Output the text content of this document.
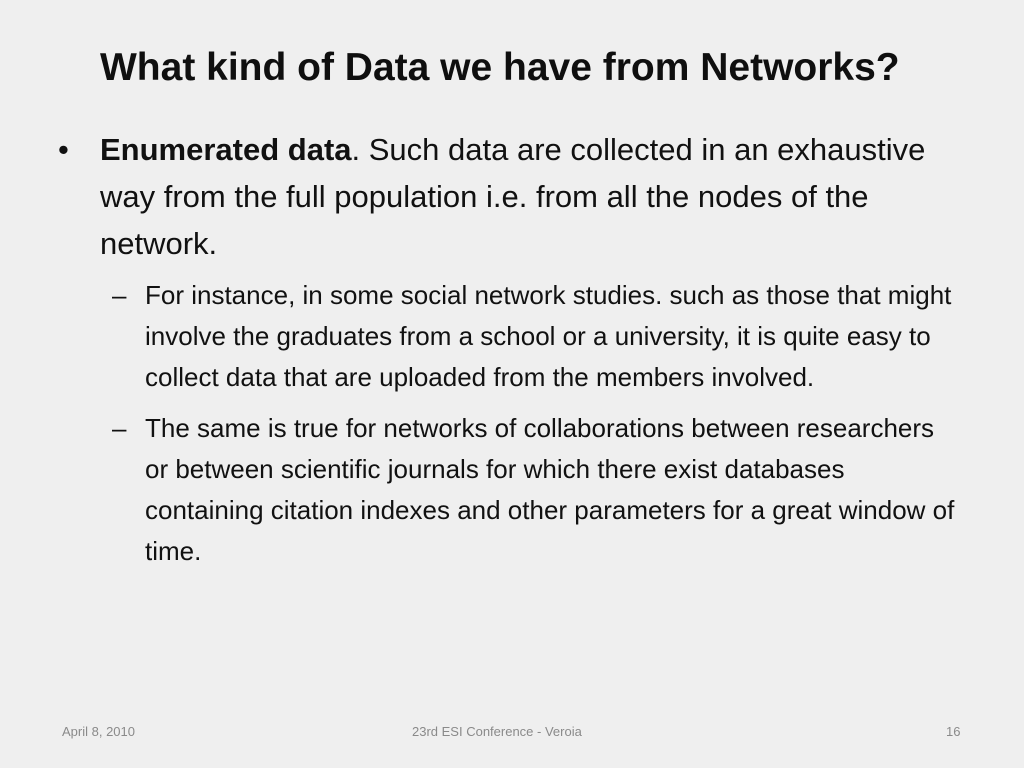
What kind of Data we have from Networks?
•	Enumerated data. Such data are collected in an exhaustive way from the full population i.e. from all the nodes of the network.
– For instance, in some social network studies. such as those that might involve the graduates from a school or a university, it is quite easy to collect data that are uploaded from the members involved.
– The same is true for networks of collaborations between researchers or between scientific journals for which there exist databases containing citation indexes and other parameters for a great window of time.
April 8, 2010	23rd ESI Conference - Veroia	16
